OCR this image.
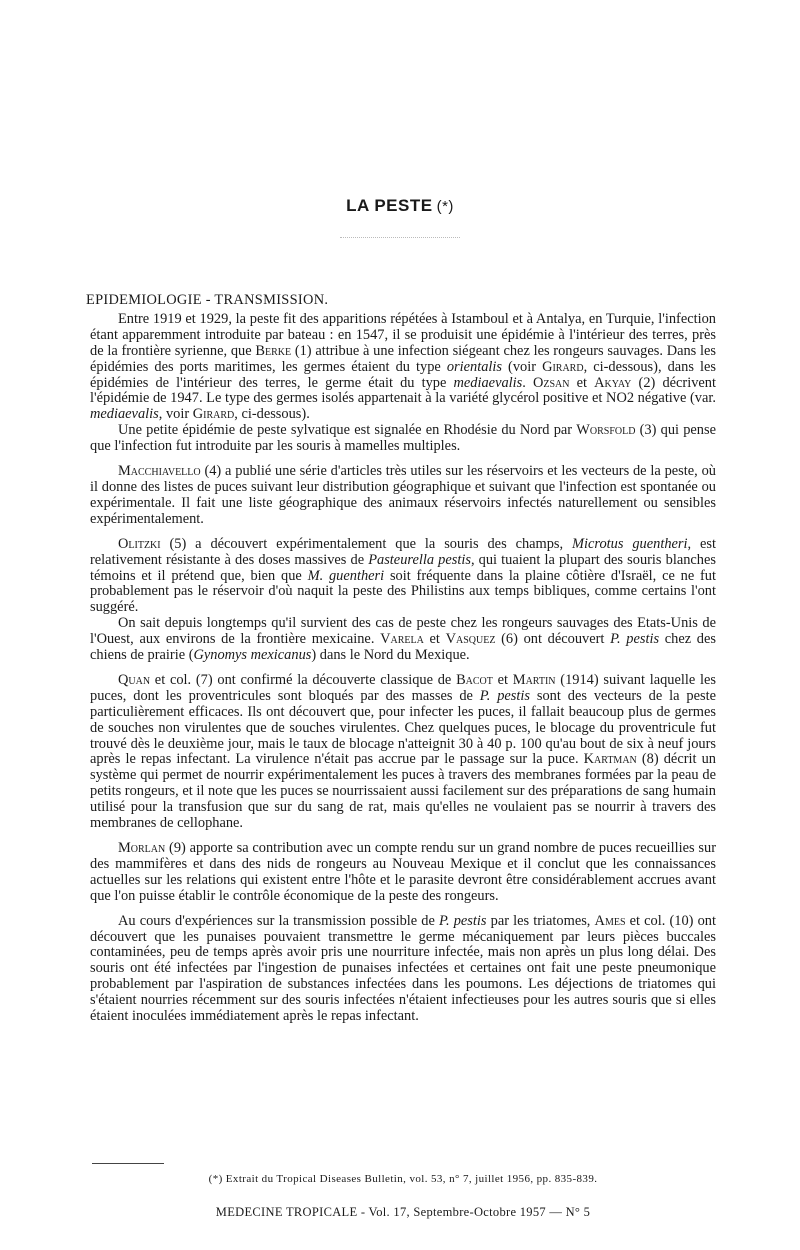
LA PESTE (*)
EPIDEMIOLOGIE - TRANSMISSION.

Entre 1919 et 1929, la peste fit des apparitions répétées à Istamboul et à Antalya, en Turquie, l'infection étant apparemment introduite par bateau : en 1547, il se produisit une épidémie à l'intérieur des terres, près de la frontière syrienne, que Berke (1) attribue à une infection siégeant chez les rongeurs sauvages. Dans les épidémies des ports maritimes, les germes étaient du type orientalis (voir Girard, ci-dessous), dans les épidémies de l'intérieur des terres, le germe était du type mediaevalis. Ozsan et Akyay (2) décrivent l'épidémie de 1947. Le type des germes isolés appartenait à la variété glycérol positive et NO2 négative (var. mediaevalis, voir Girard, ci-dessous).

Une petite épidémie de peste sylvatique est signalée en Rhodésie du Nord par Worsfold (3) qui pense que l'infection fut introduite par les souris à mamelles multiples.

Macchiavello (4) a publié une série d'articles très utiles sur les réservoirs et les vecteurs de la peste, où il donne des listes de puces suivant leur distribution géographique et suivant que l'infection est spontanée ou expérimentale. Il fait une liste géographique des animaux réservoirs infectés naturellement ou sensibles expérimentalement.

Olitzki (5) a découvert expérimentalement que la souris des champs, Microtus guentheri, est relativement résistante à des doses massives de Pasteurella pestis, qui tuaient la plupart des souris blanches témoins et il prétend que, bien que M. guentheri soit fréquente dans la plaine côtière d'Israël, ce ne fut probablement pas le réservoir d'où naquit la peste des Philistins aux temps bibliques, comme certains l'ont suggéré.

On sait depuis longtemps qu'il survient des cas de peste chez les rongeurs sauvages des Etats-Unis de l'Ouest, aux environs de la frontière mexicaine. Varela et Vasquez (6) ont découvert P. pestis chez des chiens de prairie (Gynomys mexicanus) dans le Nord du Mexique.

Quan et col. (7) ont confirmé la découverte classique de Bacot et Martin (1914) suivant laquelle les puces, dont les proventricules sont bloqués par des masses de P. pestis sont des vecteurs de la peste particulièrement efficaces. Ils ont découvert que, pour infecter les puces, il fallait beaucoup plus de germes de souches non virulentes que de souches virulentes. Chez quelques puces, le blocage du proventricule fut trouvé dès le deuxième jour, mais le taux de blocage n'atteignit 30 à 40 p. 100 qu'au bout de six à neuf jours après le repas infectant. La virulence n'était pas accrue par le passage sur la puce. Kartman (8) décrit un système qui permet de nourrir expérimentalement les puces à travers des membranes formées par la peau de petits rongeurs, et il note que les puces se nourrissaient aussi facilement sur des préparations de sang humain utilisé pour la transfusion que sur du sang de rat, mais qu'elles ne voulaient pas se nourrir à travers des membranes de cellophane.

Morlan (9) apporte sa contribution avec un compte rendu sur un grand nombre de puces recueillies sur des mammifères et dans des nids de rongeurs au Nouveau Mexique et il conclut que les connaissances actuelles sur les relations qui existent entre l'hôte et le parasite devront être considérablement accrues avant que l'on puisse établir le contrôle économique de la peste des rongeurs.

Au cours d'expériences sur la transmission possible de P. pestis par les triatomes, Ames et col. (10) ont découvert que les punaises pouvaient transmettre le germe mécaniquement par leurs pièces buccales contaminées, peu de temps après avoir pris une nourriture infectée, mais non après un plus long délai. Des souris ont été infectées par l'ingestion de punaises infectées et certaines ont fait une peste pneumonique probablement par l'aspiration de substances infectées dans les poumons. Les déjections de triatomes qui s'étaient nourries récemment sur des souris infectées n'étaient infectieuses pour les autres souris que si elles étaient inoculées immédiatement après le repas infectant.

(*) Extrait du Tropical Diseases Bulletin, vol. 53, n° 7, juillet 1956, pp. 835-839.
MEDECINE TROPICALE - Vol. 17, Septembre-Octobre 1957 — N° 5
